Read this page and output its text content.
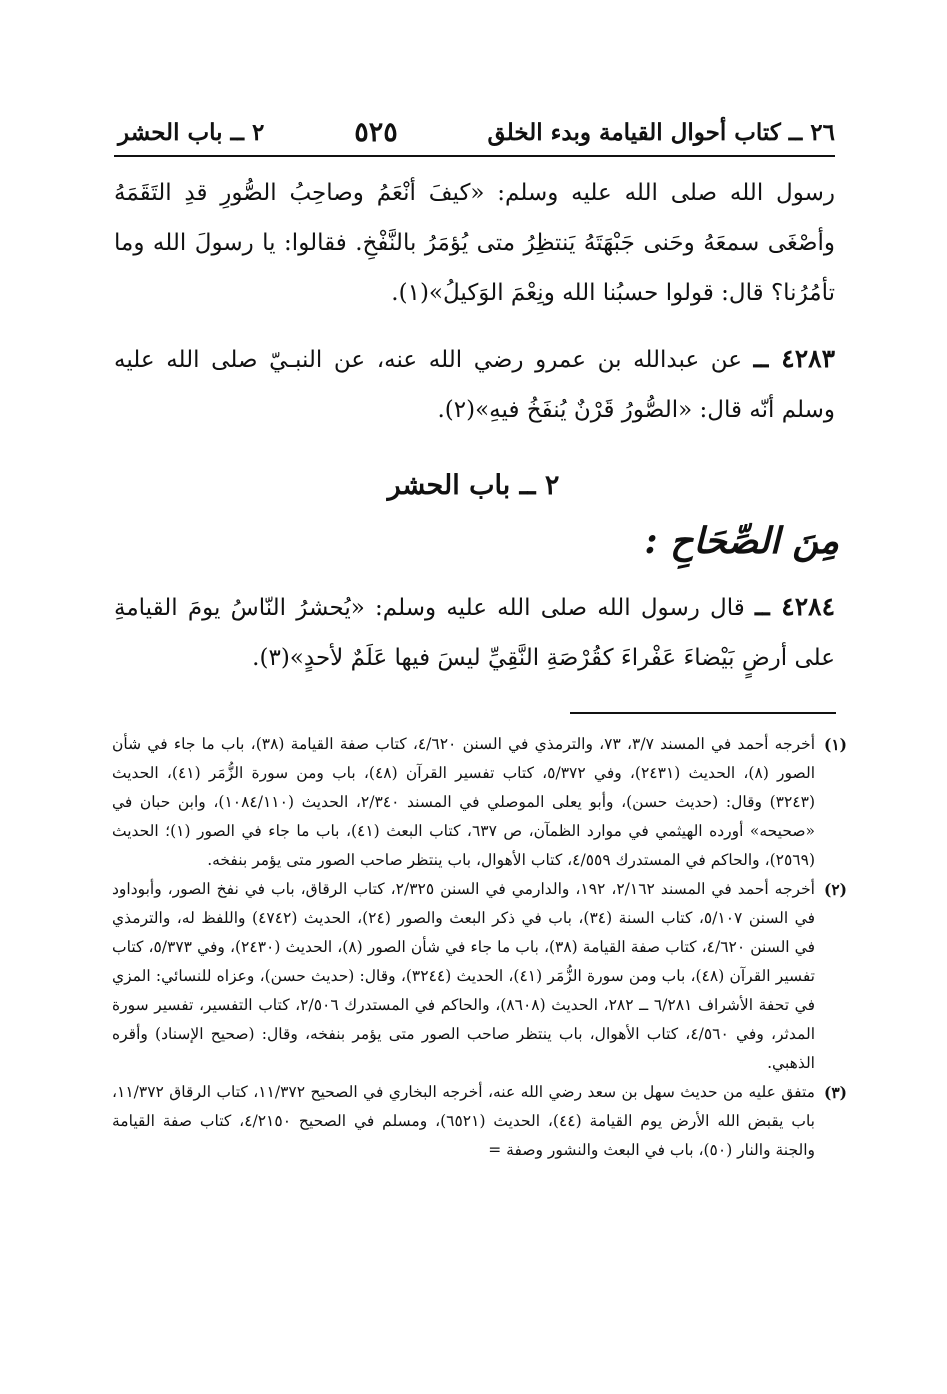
٢٦ ــ كتاب أحوال القيامة وبدء الخلق
٥٢٥
٢ ــ باب الحشر
رسول الله صلى الله عليه وسلم: «كيفَ أنْعَمُ وصاحِبُ الصُّورِ قدِ التَقَمَهُ وأصْغَى سمعَهُ وحَنى جَبْهَتَهُ يَنتظِرُ متى يُؤمَرُ بالنَّفْخِ. فقالوا: يا رسولَ الله وما تأمُرُنا؟ قال: قولوا حسبُنا الله ونِعْمَ الوَكيلُ»(١).
٤٢٨٣ ــ عن عبدالله بن عمرو رضي الله عنه، عن النبـيّ صلى الله عليه وسلم أنّه قال: «الصُّورُ قَرْنٌ يُنفَخُ فيهِ»(٢).
٢ ــ باب الحشر
مِنَ الصِّحَاحِ :
٤٢٨٤ ــ قال رسول الله صلى الله عليه وسلم: «يُحشرُ النّاسُ يومَ القيامةِ على أرضٍ بَيْضاءَ عَفْراءَ كقُرْصَةِ النَّقِيِّ ليسَ فيها عَلَمٌ لأحدٍ»(٣).
(١)
أخرجه أحمد في المسند ٣/٧، ٧٣، والترمذي في السنن ٤/٦٢٠، كتاب صفة القيامة (٣٨)، باب ما جاء في شأن الصور (٨)، الحديث (٢٤٣١)، وفي ٥/٣٧٢، كتاب تفسير القرآن (٤٨)، باب ومن سورة الزُّمَر (٤١)، الحديث (٣٢٤٣) وقال: (حديث حسن)، وأبو يعلى الموصلي في المسند ٢/٣٤٠، الحديث (١٠٨٤/١١٠)، وابن حبان في «صحيحه» أورده الهيثمي في موارد الظمآن، ص ٦٣٧، كتاب البعث (٤١)، باب ما جاء في الصور (١)؛ الحديث (٢٥٦٩)، والحاكم في المستدرك ٤/٥٥٩، كتاب الأهوال، باب ينتظر صاحب الصور متى يؤمر بنفخه.
(٢)
أخرجه أحمد في المسند ٢/١٦٢، ١٩٢، والدارمي في السنن ٢/٣٢٥، كتاب الرقاق، باب في نفخ الصور، وأبوداود في السنن ٥/١٠٧، كتاب السنة (٣٤)، باب في ذكر البعث والصور (٢٤)، الحديث (٤٧٤٢) واللفظ له، والترمذي في السنن ٤/٦٢٠، كتاب صفة القيامة (٣٨)، باب ما جاء في شأن الصور (٨)، الحديث (٢٤٣٠)، وفي ٥/٣٧٣، كتاب تفسير القرآن (٤٨)، باب ومن سورة الزُّمَر (٤١)، الحديث (٣٢٤٤)، وقال: (حديث حسن)، وعزاه للنسائي: المزي في تحفة الأشراف ٦/٢٨١ ــ ٢٨٢، الحديث (٨٦٠٨)، والحاكم في المستدرك ٢/٥٠٦، كتاب التفسير، تفسير سورة المدثر، وفي ٤/٥٦٠، كتاب الأهوال، باب ينتظر صاحب الصور متى يؤمر بنفخه، وقال: (صحيح الإسناد) وأقره الذهبي.
(٣)
متفق عليه من حديث سهل بن سعد رضي الله عنه، أخرجه البخاري في الصحيح ١١/٣٧٢، كتاب الرقاق ١١/٣٧٢، باب يقبض الله الأرض يوم القيامة (٤٤)، الحديث (٦٥٢١)، ومسلم في الصحيح ٤/٢١٥٠، كتاب صفة القيامة والجنة والنار (٥٠)، باب في البعث والنشور وصفة =
